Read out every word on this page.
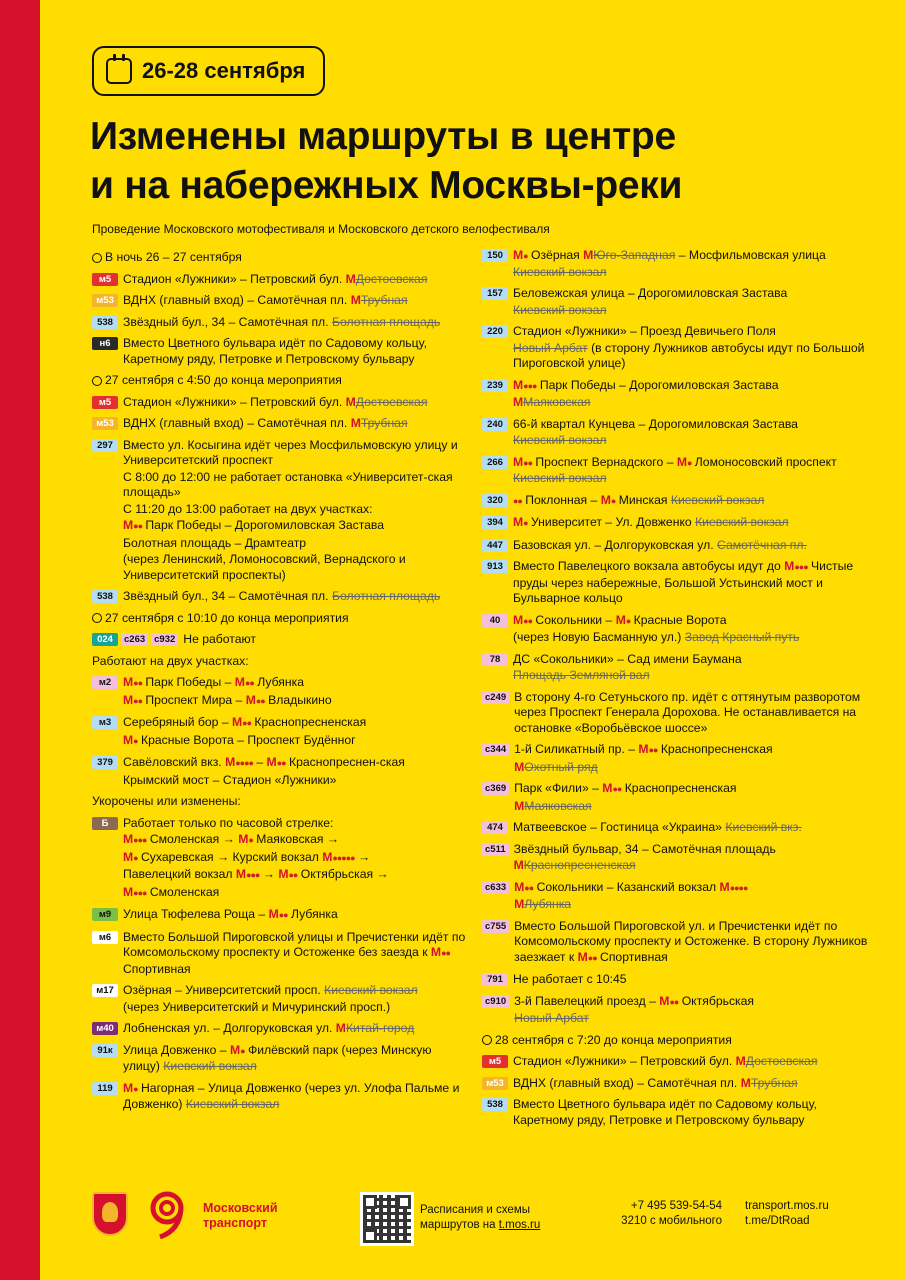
26-28 сентября
Изменены маршруты в центре
и на набережных Москвы-реки
Проведение Московского мотофестиваля и Московского детского велофестиваля
В ночь 26 – 27 сентября
м5 Стадион «Лужники» – Петровский бул. МДостоевская
м53 ВДНХ (главный вход) – Самотёчная пл. МТрубная
538 Звёздный бул., 34 – Самотёчная пл. Болотная площадь
н6	Вместо Цветного бульвара идёт по Садовому кольцу, Каретному ряду, Петровке и Петровскому бульвару
27 сентября с 4:50 до конца мероприятия
м5 Стадион «Лужники» – Петровский бул. МДостоевская
м53 ВДНХ (главный вход) – Самотёчная пл. МТрубная
297 Вместо ул. Косыгина идёт через Мосфильмовскую улицу и Университетский проспект

С 8:00 до 12:00 не работает остановка «Университет-ская площадь»

С 11:20 до 13:00 работает на двух участках:

М●● Парк Победы – Дорогомиловская Застава

Болотная площадь – Драмтеатр

(через Ленинский, Ломоносовский, Вернадского и Университетский проспекты)

538 Звёздный бул., 34 – Самотёчная пл. Болотная площадь
27 сентября с 10:10 до конца мероприятия
024	с263 с932 Не работают
Работают на двух участках:
м2 М●● Парк Победы – М●● Лубянка

М●● Проспект Мира – М●● Владыкино

м3 Серебряный бор – М●● Краснопресненская

М● Красные Ворота – Проспект Будённог

379 Савёловский вкз. М●●●● – М●● Краснопреснен-ская

Крымский мост – Стадион «Лужники»

Укорочены или изменены:
Б	Работает только по часовой стрелке:

М●●● Смоленская → М● Маяковская →

М● Сухаревская → Курский вокзал М●●●●● →

Павелецкий вокзал М●●● → М●● Октябрьская →

М●●● Смоленская

м9 Улица Тюфелева Роща – М●● Лубянка
м6 Вместо Большой Пироговской улицы и Пречистенки идёт по Комсомольскому проспекту и Остоженке без заезда к М●● Спортивная
м17 Озёрная – Университетский просп. Киевский вокзал

(через Университетский и Мичуринский просп.)

м40 Лобненская ул. – Долгоруковская ул. МКитай-город
91к Улица Довженко – М● Филёвский парк (через Минскую улицу) Киевский вокзал
119 М● Нагорная – Улица Довженко (через ул. Улофа Пальме и Довженко) Киевский вокзал
150 М● Озёрная МЮго-Западная – Мосфильмовская улица Киевский вокзал
157 Беловежская улица – Дорогомиловская Застава

Киевский вокзал

220 Стадион «Лужники» – Проезд Девичьего Поля

Новый Арбат (в сторону Лужников автобусы идут по Большой Пироговской улице)

239 М●●● Парк Победы – Дорогомиловская Застава

ММаяковская

240 66-й квартал Кунцева – Дорогомиловская Застава

Киевский вокзал

266 М●● Проспект Вернадского – М● Ломоносовский проспект Киевский вокзал
320	●● Поклонная – М● Минская Киевский вокзал
394 М● Университет – Ул. Довженко Киевский вокзал
447 Базовская ул. – Долгоруковская ул. Самотёчная пл.
913 Вместо Павелецкого вокзала автобусы идут до М●●● Чистые пруды через набережные, Большой Устьинский мост и Бульварное кольцо
40	М●● Сокольники – М● Красные Ворота

(через Новую Басманную ул.) Завод Красный путь

78	ДС «Сокольники» – Сад имени Баумана

Площадь Земляной вал

с249 В сторону 4-го Сетуньского пр. идёт с оттянутым разворотом через Проспект Генерала Дорохова. Не останавливается на остановке «Воробьёвское шоссе»
с344 1-й Силикатный пр. – М●● Краснопресненская

МОхотный ряд

с369 Парк «Фили» – М●● Краснопресненская

ММаяковская

474 Матвеевское – Гостиница «Украина» Киевский вкз.
с511 Звёздный бульвар, 34 – Самотёчная площадь

МКраснопресненская

с633 М●● Сокольники – Казанский вокзал М●●●●

МЛубянка

с755 Вместо Большой Пироговской ул. и Пречистенки идёт по Комсомольскому проспекту и Остоженке. В сторону Лужников заезжает к М●● Спортивная
791 Не работает с 10:45
с910 3-й Павелецкий проезд – М●● Октябрьская

Новый Арбат

28 сентября с 7:20 до конца мероприятия
м5 Стадион «Лужники» – Петровский бул. МДостоевская
м53 ВДНХ (главный вход) – Самотёчная пл. МТрубная
538 Вместо Цветного бульвара идёт по Садовому кольцу, Каретному ряду, Петровке и Петровскому бульвару
Московский
транспорт
Расписания и схемы
маршрутов на t.mos.ru
+7 495 539-54-54
3210 с мобильного
transport.mos.ru
t.me/DtRoad
